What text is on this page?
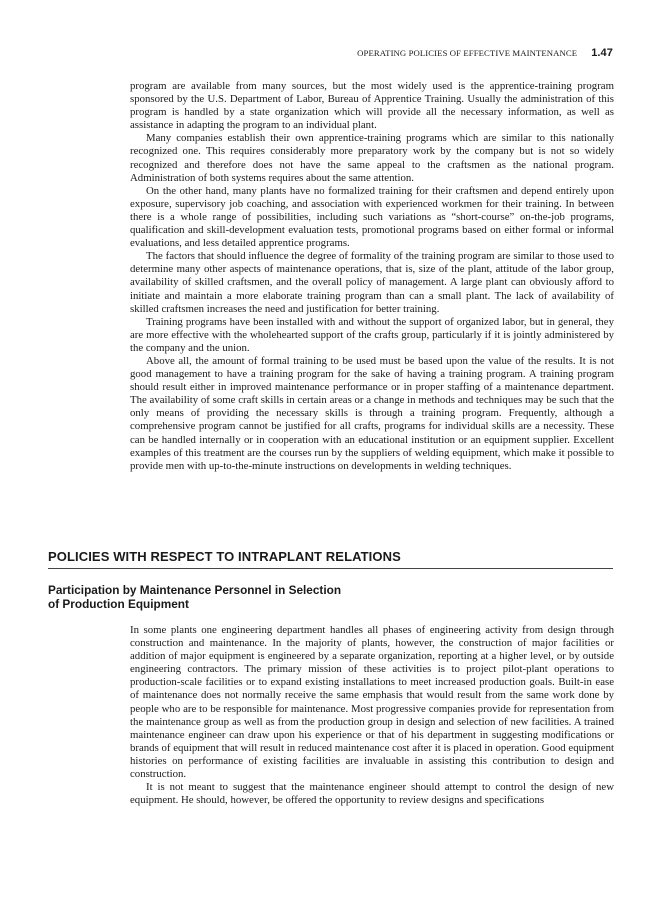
OPERATING POLICIES OF EFFECTIVE MAINTENANCE 1.47

program are available from many sources, but the most widely used is the apprentice-training program sponsored by the U.S. Department of Labor, Bureau of Apprentice Training. Usually the administration of this program is handled by a state organization which will provide all the necessary information, as well as assistance in adapting the program to an individual plant.

Many companies establish their own apprentice-training programs which are similar to this nationally recognized one. This requires considerably more preparatory work by the company but is not so widely recognized and therefore does not have the same appeal to the craftsmen as the national program. Administration of both systems requires about the same attention.

On the other hand, many plants have no formalized training for their craftsmen and depend entirely upon exposure, supervisory job coaching, and association with experienced workmen for their training. In between there is a whole range of possibilities, including such variations as “short-course” on-the-job programs, qualification and skill-development evaluation tests, promotional programs based on either formal or informal evaluations, and less detailed apprentice programs.

The factors that should influence the degree of formality of the training program are similar to those used to determine many other aspects of maintenance operations, that is, size of the plant, attitude of the labor group, availability of skilled craftsmen, and the overall policy of management. A large plant can obviously afford to initiate and maintain a more elaborate training program than can a small plant. The lack of availability of skilled craftsmen increases the need and justification for better training.

Training programs have been installed with and without the support of organized labor, but in general, they are more effective with the wholehearted support of the crafts group, particularly if it is jointly administered by the company and the union.

Above all, the amount of formal training to be used must be based upon the value of the results. It is not good management to have a training program for the sake of having a training program. A training program should result either in improved maintenance performance or in proper staffing of a maintenance department. The availability of some craft skills in certain areas or a change in methods and techniques may be such that the only means of providing the necessary skills is through a training program. Frequently, although a comprehensive program cannot be justified for all crafts, programs for individual skills are a necessity. These can be handled internally or in cooperation with an educational institution or an equipment supplier. Excellent examples of this treatment are the courses run by the suppliers of welding equipment, which make it possible to provide men with up-to-the-minute instructions on developments in welding techniques.

POLICIES WITH RESPECT TO INTRAPLANT RELATIONS
Participation by Maintenance Personnel in Selection
of Production Equipment

In some plants one engineering department handles all phases of engineering activity from design through construction and maintenance. In the majority of plants, however, the construction of major facilities or addition of major equipment is engineered by a separate organization, reporting at a higher level, or by outside engineering contractors. The primary mission of these activities is to project pilot-plant operations to production-scale facilities or to expand existing installations to meet increased production goals. Built-in ease of maintenance does not normally receive the same emphasis that would result from the same work done by people who are to be responsible for maintenance. Most progressive companies provide for representation from the maintenance group as well as from the production group in design and selection of new facilities. A trained maintenance engineer can draw upon his experience or that of his department in suggesting modifications or brands of equipment that will result in reduced maintenance cost after it is placed in operation. Good equipment histories on performance of existing facilities are invaluable in assisting this contribution to design and construction.

It is not meant to suggest that the maintenance engineer should attempt to control the design of new equipment. He should, however, be offered the opportunity to review designs and specifications
